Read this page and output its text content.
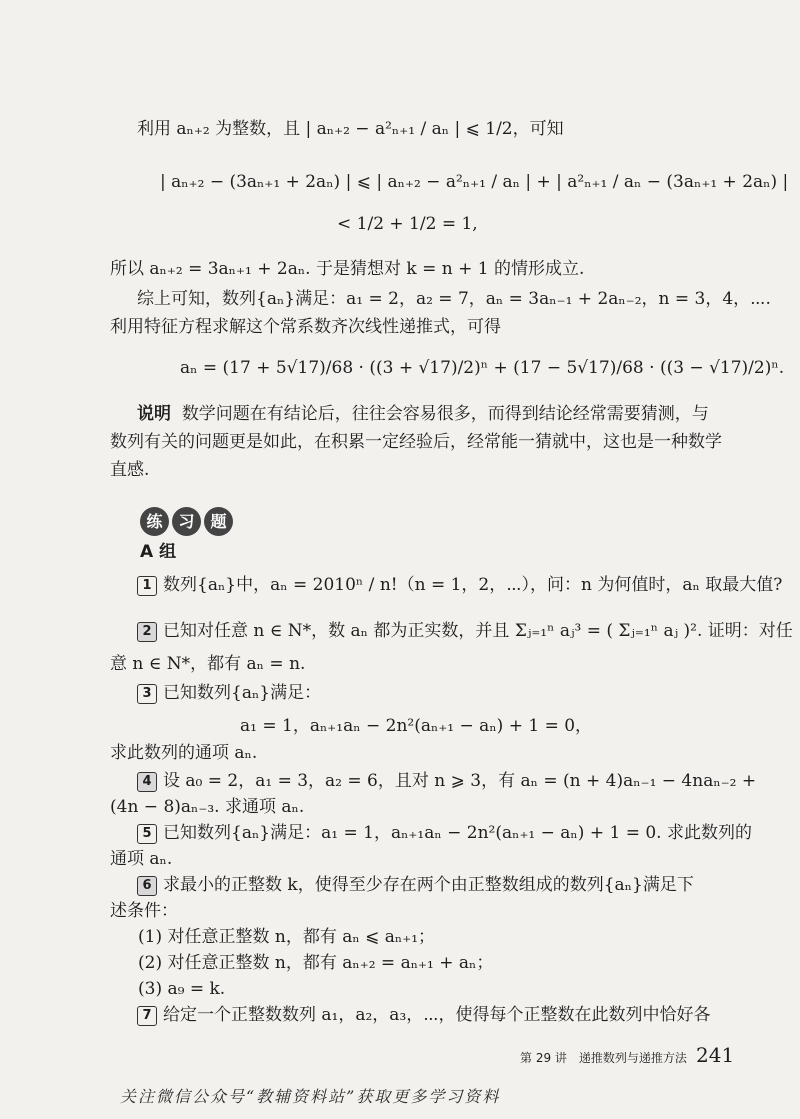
利用 aₙ₊₂ 为整数，且 | aₙ₊₂ − a²ₙ₊₁ / aₙ | ⩽ 1/2，可知
| aₙ₊₂ − (3aₙ₊₁ + 2aₙ) | ⩽ | aₙ₊₂ − a²ₙ₊₁ / aₙ | + | a²ₙ₊₁ / aₙ − (3aₙ₊₁ + 2aₙ) |
< 1/2 + 1/2 = 1,
所以 aₙ₊₂ = 3aₙ₊₁ + 2aₙ. 于是猜想对 k = n + 1 的情形成立.
综上可知，数列{aₙ}满足：a₁ = 2，a₂ = 7，aₙ = 3aₙ₋₁ + 2aₙ₋₂，n = 3，4，⋯.
利用特征方程求解这个常系数齐次线性递推式，可得
aₙ = (17 + 5√17)/68 · ((3 + √17)/2)ⁿ + (17 − 5√17)/68 · ((3 − √17)/2)ⁿ.
说明 数学问题在有结论后，往往会容易很多，而得到结论经常需要猜测，与
数列有关的问题更是如此，在积累一定经验后，经常能一猜就中，这也是一种数学
直感.
练 习 题
A 组
1 数列{aₙ}中，aₙ = 2010ⁿ / n!（n = 1，2，⋯），问：n 为何值时，aₙ 取最大值?
2 已知对任意 n ∈ N*，数 aₙ 都为正实数，并且 Σⱼ₌₁ⁿ aⱼ³ = ( Σⱼ₌₁ⁿ aⱼ )². 证明：对任
意 n ∈ N*，都有 aₙ = n.
3 已知数列{aₙ}满足：
a₁ = 1，aₙ₊₁aₙ − 2n²(aₙ₊₁ − aₙ) + 1 = 0，
求此数列的通项 aₙ.
4 设 a₀ = 2，a₁ = 3，a₂ = 6，且对 n ⩾ 3，有 aₙ = (n + 4)aₙ₋₁ − 4naₙ₋₂ +
(4n − 8)aₙ₋₃. 求通项 aₙ.
5 已知数列{aₙ}满足：a₁ = 1，aₙ₊₁aₙ − 2n²(aₙ₊₁ − aₙ) + 1 = 0. 求此数列的
通项 aₙ.
6 求最小的正整数 k，使得至少存在两个由正整数组成的数列{aₙ}满足下
述条件：
(1) 对任意正整数 n，都有 aₙ ⩽ aₙ₊₁；
(2) 对任意正整数 n，都有 aₙ₊₂ = aₙ₊₁ + aₙ；
(3) a₉ = k.
7 给定一个正整数数列 a₁，a₂，a₃，⋯，使得每个正整数在此数列中恰好各
第 29 讲　递推数列与递推方法 241
关注微信公众号“教辅资料站”获取更多学习资料
